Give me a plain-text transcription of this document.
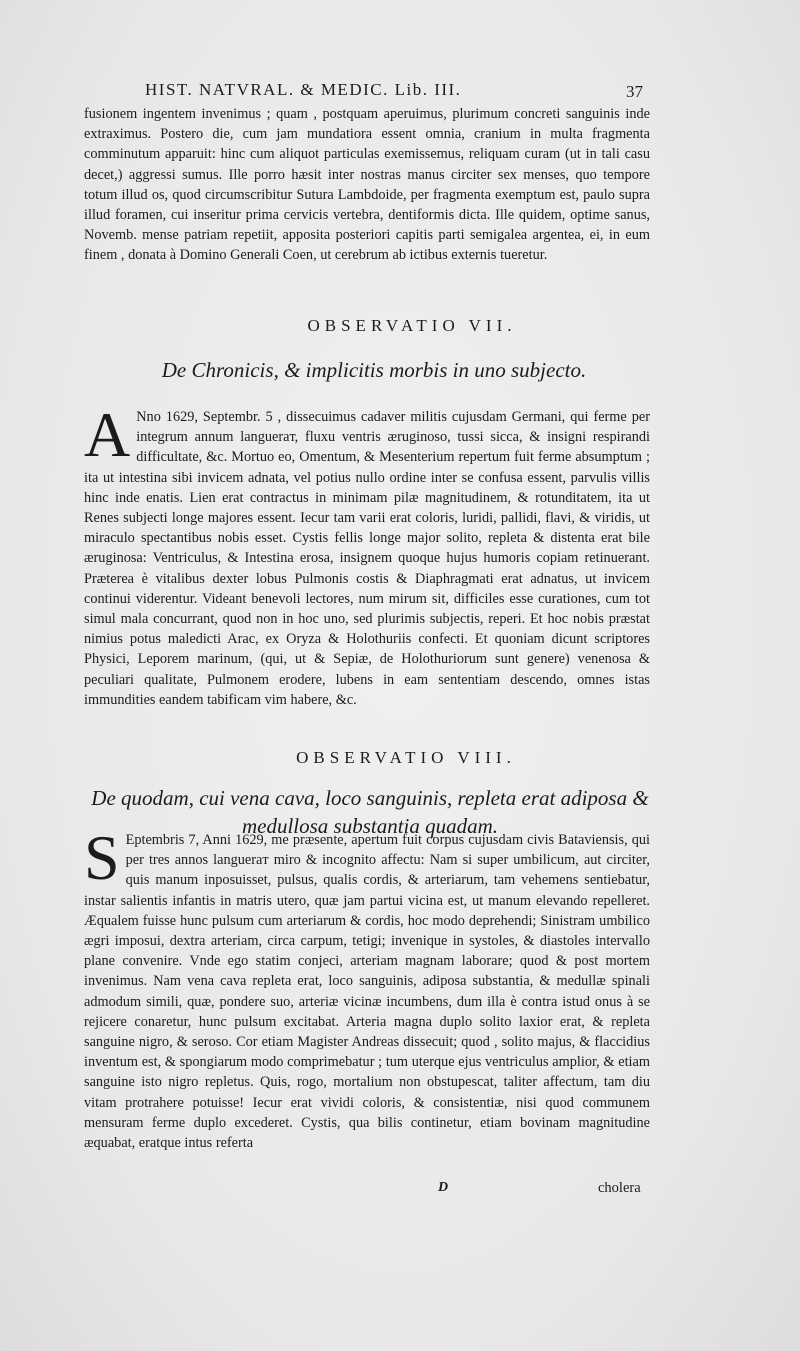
HIST. NATVRAL. & MEDIC. Lib. III.	37

fusionem ingentem invenimus ; quam , postquam aperuimus, plurimum concreti sanguinis inde extraximus. Postero die, cum jam mundatiora essent omnia, cranium in multa fragmenta comminutum apparuit: hinc cum aliquot particulas exemissemus, reliquam curam (ut in tali casu decet,) aggressi sumus. Ille porro hæsit inter nostras manus circiter sex menses, quo tempore totum illud os, quod circumscribitur Sutura Lambdoide, per fragmenta exemptum est, paulo supra illud foramen, cui inseritur prima cervicis vertebra, dentiformis dicta. Ille quidem, optime sanus, Novemb. mense patriam repetiit, apposita posteriori capitis parti semigalea argentea, ei, in eum finem , donata à Domino Generali Coen, ut cerebrum ab ictibus externis tueretur.

OBSERVATIO VII.
De Chronicis, & implicitis morbis in uno subjecto.
A Nno 1629, Septembr. 5 , dissecuimus cadaver militis cujusdam Germani, qui ferme per integrum annum langueraт, fluxu ventris æruginoso, tussi sicca, & insigni respirandi difficultate, &c. Mortuo eo, Omentum, & Mesenterium repertum fuit ferme absumptum ; ita ut intestina sibi invicem adnata, vel potius nullo ordine inter se confusa essent, parvulis villis hinc inde enatis. Lien erat contractus in minimam pilæ magnitudinem, & rotunditatem, ita ut Renes subjecti longe majores essent. Iecur tam varii erat coloris, luridi, pallidi, flavi, & viridis, ut miraculo spectantibus nobis esset. Cystis fellis longe major solito, repleta & distenta erat bile æruginosa: Ventriculus, & Intestina erosa, insignem quoque hujus humoris copiam retinuerant. Præterea è vitalibus dexter lobus Pulmonis costis & Diaphragmati erat adnatus, ut invicem continui viderentur. Videant benevoli lectores, num mirum sit, difficiles esse curationes, cum tot simul mala concurrant, quod non in hoc uno, sed plurimis subjectis, reperi. Et hoc nobis præstat nimius potus maledicti Arac, ex Oryza & Holothuriis confecti. Et quoniam dicunt scriptores Physici, Leporem marinum, (qui, ut & Sepiæ, de Holothuriorum sunt genere) venenosa & peculiari qualitate, Pulmonem erodere, lubens in eam sententiam descendo, omnes istas immunditіes eandem tabificam vim habere, &c.

OBSERVATIO VIII.
De quodam, cui vena cava, loco sanguinis, repleta erat adiposa & medullosa substantia quadam.
S Eptembris 7, Anni 1629, me præsente, apertum fuit corpus cujusdam civis Bataviensis, qui per tres annos langueraт miro & incognito affectu: Nam si super umbilicum, aut circiter, quis manum inposuisset, pulsus, qualis cordis, & arteriarum, tam vehemens sentiebatur, instar salientis infantis in matris utero, quæ jam partui vicina est, ut manum elevando repelleret. Æqualem fuisse hunc pulsum cum arteriarum & cordis, hoc modo deprehendi; Sinistram umbilico ægri imposui, dextra arteriam, circa carpum, tetigi; invenique in systoles, & diastoles intervallo plane convenire. Vnde ego statim conjeci, arteriam magnam laborare; quod & post mortem invenimus. Nam vena cava repleta erat, loco sanguinis, adiposa substantia, & medullæ spinali admodum simili, quæ, pondere suo, arteriæ vicinæ incumbens, dum illa è contra istud onus à se rejicere conaretur, hunc pulsum excitabat. Arteria magna duplo solito laxior erat, & repleta sanguine nigro, & seroso. Cor etiam Magister Andreas dissecuit; quod , solito majus, & flaccidius inventum est, & spongiarum modo comprimebatur ; tum uterque ejus ventriculus amplior, & etiam sanguine isto nigro repletus. Quis, rogo, mortalium non obstupescat, taliter affectum, tam diu vitam protrahere potuisse! Iecur erat vividi coloris, & consistentiæ, nisi quod communem mensuram ferme duplo excederet. Cystis, qua bilis continetur, etiam bovinam magnitudine æquabat, eratque intus referta

D	cholera
